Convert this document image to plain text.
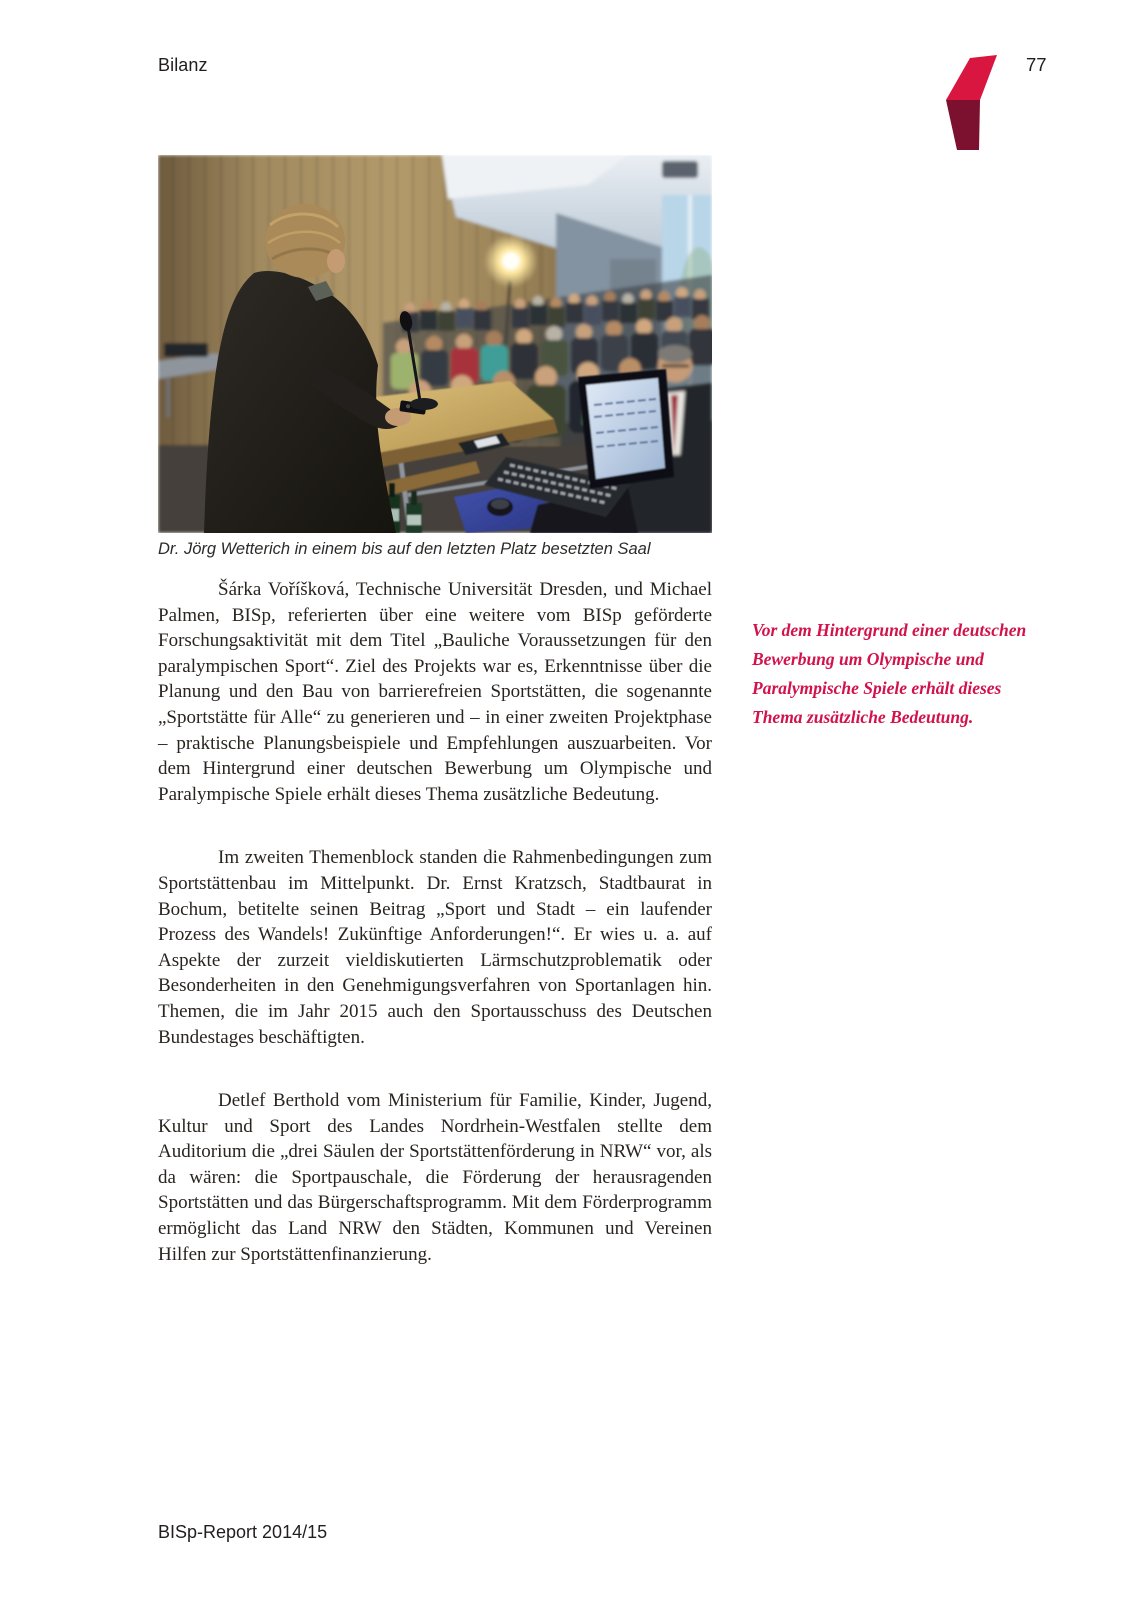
Bilanz	77
Dr. Jörg Wetterich in einem bis auf den letzten Platz besetzten Saal

Šárka Voříšková, Technische Universität Dresden, und Michael Palmen, BISp, referierten über eine weitere vom BISp geförderte Forschungsaktivität mit dem Titel „Bauliche Voraussetzungen für den paralympischen Sport“. Ziel des Projekts war es, Erkenntnisse über die Planung und den Bau von barrierefreien Sportstätten, die sogenannte „Sportstätte für Alle“ zu generieren und – in einer zweiten Projektphase – praktische Planungsbeispiele und Empfehlungen auszuarbeiten. Vor dem Hintergrund einer deutschen Bewerbung um Olympische und Paralympische Spiele erhält dieses Thema zusätzliche Bedeutung.

Im zweiten Themenblock standen die Rahmenbedingungen zum Sportstättenbau im Mittelpunkt. Dr. Ernst Kratzsch, Stadtbaurat in Bochum, betitelte seinen Beitrag „Sport und Stadt – ein laufender Prozess des Wandels! Zukünftige Anforderungen!“. Er wies u. a. auf Aspekte der zurzeit vieldiskutierten Lärmschutzproblematik oder Besonderheiten in den Genehmigungsverfahren von Sportanlagen hin. Themen, die im Jahr 2015 auch den Sportausschuss des Deutschen Bundestages beschäftigten.

Detlef Berthold vom Ministerium für Familie, Kinder, Jugend, Kultur und Sport des Landes Nordrhein-Westfalen stellte dem Auditorium die „drei Säulen der Sportstättenförderung in NRW“ vor, als da wären: die Sportpauschale, die Förderung der herausragenden Sportstätten und das Bürgerschaftsprogramm. Mit dem Förderprogramm ermöglicht das Land NRW den Städten, Kommunen und Vereinen Hilfen zur Sportstättenfinanzierung.

Vor dem Hintergrund einer deutschen Bewerbung um Olympische und Paralympische Spiele erhält dieses Thema zusätzliche Bedeutung.
BISp-Report 2014/15
